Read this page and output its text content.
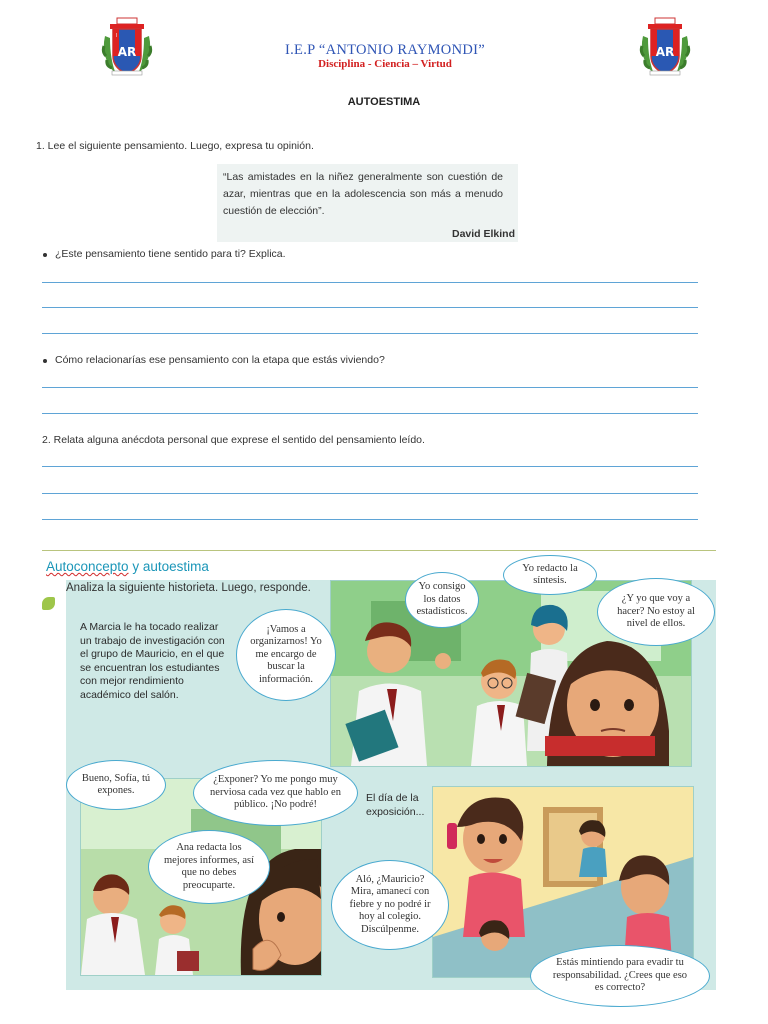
I
AR	AR
I.E.P “ANTONIO RAYMONDI”
Disciplina - Ciencia – Virtud
AUTOESTIMA
1. Lee el siguiente pensamiento. Luego, expresa tu opinión.
“Las amistades en la niñez generalmente son cuestión de azar, mientras que en la adolescencia son más a menudo cuestión de elección”.
David Elkind
¿Este pensamiento tiene sentido para ti? Explica.
Cómo relacionarías ese pensamiento con la etapa que estás viviendo?
2. Relata alguna anécdota personal que exprese el sentido del pensamiento leído.
Autoconcepto y autoestima
Analiza la siguiente historieta. Luego, responde.
A Marcia le ha tocado realizar un trabajo de investigación con el grupo de Mauricio, en el que se encuentran los estudiantes con mejor rendimiento académico del salón.
El día de la exposición...
¡Vamos a organizarnos! Yo me encargo de buscar la información.
Yo consigo los datos estadísticos.
Yo redacto la síntesis.
¿Y yo que voy a hacer? No estoy al nivel de ellos.
Bueno, Sofía, tú expones.
¿Exponer? Yo me pongo muy nerviosa cada vez que hablo en público. ¡No podré!
Ana redacta los mejores informes, así que no debes preocuparte.
Aló, ¿Mauricio? Mira, amanecí con fiebre y no podré ir hoy al colegio. Discúlpenme.
Estás mintiendo para evadir tu responsabilidad. ¿Crees que eso es correcto?
